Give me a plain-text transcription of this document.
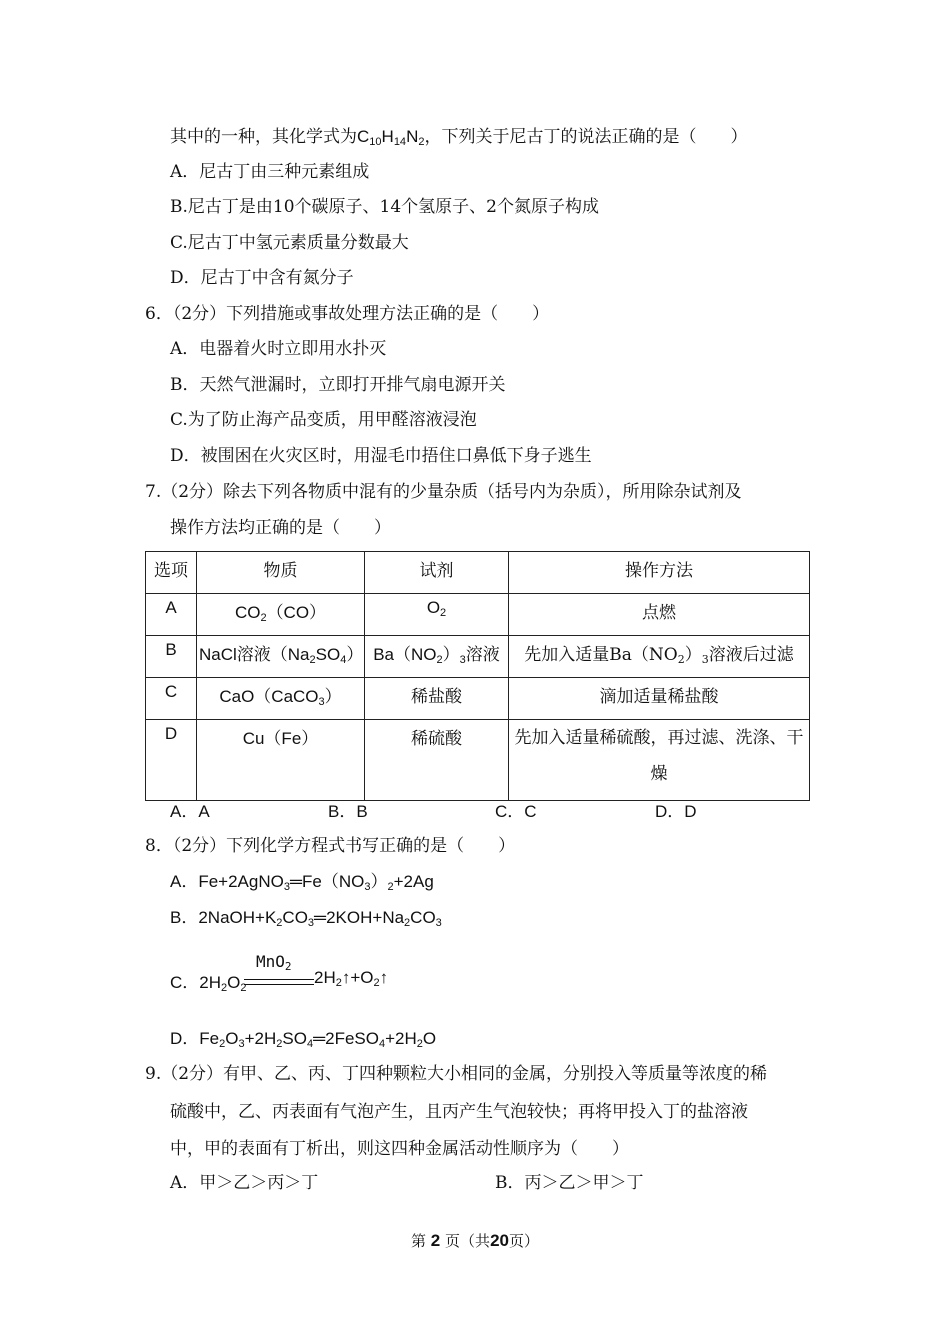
其中的一种，其化学式为$C_{10}H_{14}N_2$，下列关于尼古丁的说法正确的是（　　）
A．尼古丁由三种元素组成
B.尼古丁是由10个碳原子、14个氢原子、2个氮原子构成
C.尼古丁中氢元素质量分数最大
D．尼古丁中含有氮分子
6．（2分）下列措施或事故处理方法正确的是（　　）
A．电器着火时立即用水扑灭
B．天然气泄漏时，立即打开排气扇电源开关
C.为了防止海产品变质，用甲醛溶液浸泡
D．被围困在火灾区时，用湿毛巾捂住口鼻低下身子逃生
7.（2分）除去下列各物质中混有的少量杂质（括号内为杂质），所用除杂试剂及
操作方法均正确的是（　　）
选项	物质	试剂	操作方法
A	$CO_2(CO)$	$O_2$	点燃
B	NaCl溶液$(Na_2SO_4)$	$Ba(NO_2)_3$溶液	先加入适量$Ba(NO_2)_3$溶液后过滤
C	CaO（CaCO$_3$）	稀盐酸	滴加适量稀盐酸
D	Cu（Fe）	稀硫酸	先加入适量稀硫酸，再过滤、洗涤、干燥
A．A	B．B	C．C	D．D
8．（2分）下列化学方程式书写正确的是（　　）
A．$Fe+2AgNO_3═Fe(NO_3)_2+2Ag$
B．$2NaOH+K_2CO_3═2KOH+Na_2CO_3$
C．$2H_2O_2$
MnO$_2$
$2H_2↑+O_2↑$
D．$Fe_2O_3+2H_2SO_4═2FeSO_4+2H_2O$
9.（2分）有甲、乙、丙、丁四种颗粒大小相同的金属，分别投入等质量等浓度的稀
硫酸中，乙、丙表面有气泡产生，且丙产生气泡较快；再将甲投入丁的盐溶液
中，甲的表面有丁析出，则这四种金属活动性顺序为（　　）
A．甲＞乙＞丙＞丁	B．丙＞乙＞甲＞丁
第 2 页（共20页）
